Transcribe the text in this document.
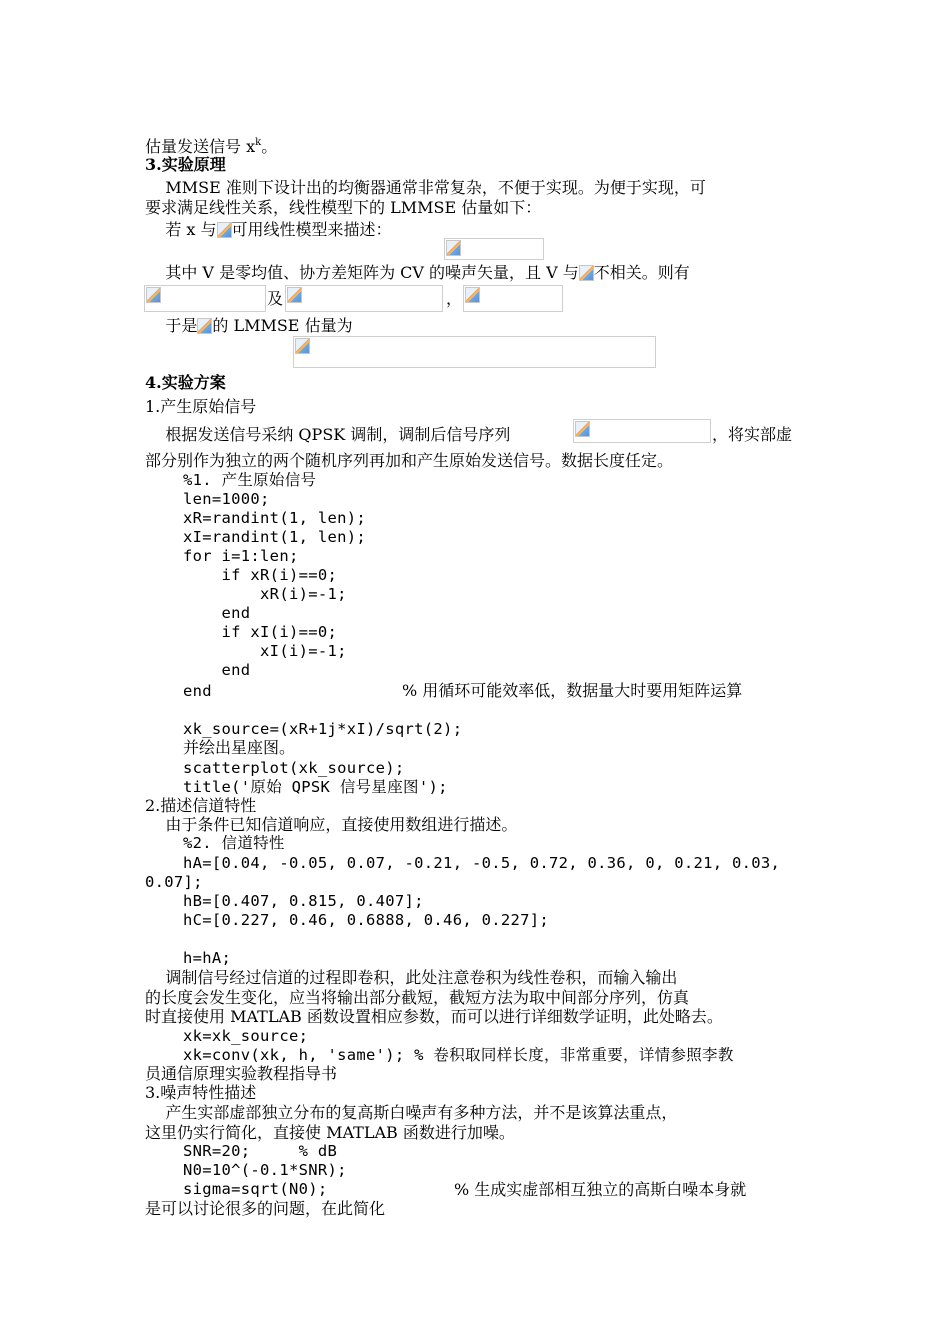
估量发送信号 $x^k$。
3.实验原理
MMSE 准则下设计出的均衡器通常非常复杂，不便于实现。为便于实现，可
要求满足线性关系，线性模型下的 LMMSE 估量如下：
若 x 与 可用线性模型来描述：
其中 V 是零均值、协方差矩阵为 CV 的噪声矢量，且 V 与 不相关。则有
及	，
于是 的 LMMSE 估量为
4.实验方案
1.产生原始信号
根据发送信号采纳 QPSK 调制，调制后信号序列	，将实部虚
部分别作为独立的两个随机序列再加和产生原始发送信号。数据长度任定。
%1. 产生原始信号
len=1000;
xR=randint(1, len);
xI=randint(1, len);
for i=1:len;
if xR(i)==0;
xR(i)=-1;
end
if xI(i)==0;
xI(i)=-1;
end
end	% 用循环可能效率低，数据量大时要用矩阵运算
xk_source=(xR+1j*xI)/sqrt(2);
并绘出星座图。
scatterplot(xk_source);
title('原始 QPSK 信号星座图');
2.描述信道特性
由于条件已知信道响应，直接使用数组进行描述。
%2. 信道特性
hA=[0.04, -0.05, 0.07, -0.21, -0.5, 0.72, 0.36, 0, 0.21, 0.03,
0.07];
hB=[0.407, 0.815, 0.407];
hC=[0.227, 0.46, 0.6888, 0.46, 0.227];
h=hA;
调制信号经过信道的过程即卷积，此处注意卷积为线性卷积，而输入输出
的长度会发生变化，应当将输出部分截短，截短方法为取中间部分序列，仿真
时直接使用 MATLAB 函数设置相应参数，而可以进行详细数学证明，此处略去。
xk=xk_source;
xk=conv(xk, h, 'same'); % 卷积取同样长度，非常重要，详情参照李教
员通信原理实验教程指导书
3.噪声特性描述
产生实部虚部独立分布的复高斯白噪声有多种方法，并不是该算法重点，
这里仍实行简化，直接使 MATLAB 函数进行加噪。
SNR=20;     % dB
N0=10^(-0.1*SNR);
sigma=sqrt(N0);	% 生成实虚部相互独立的高斯白噪本身就
是可以讨论很多的问题，在此简化
